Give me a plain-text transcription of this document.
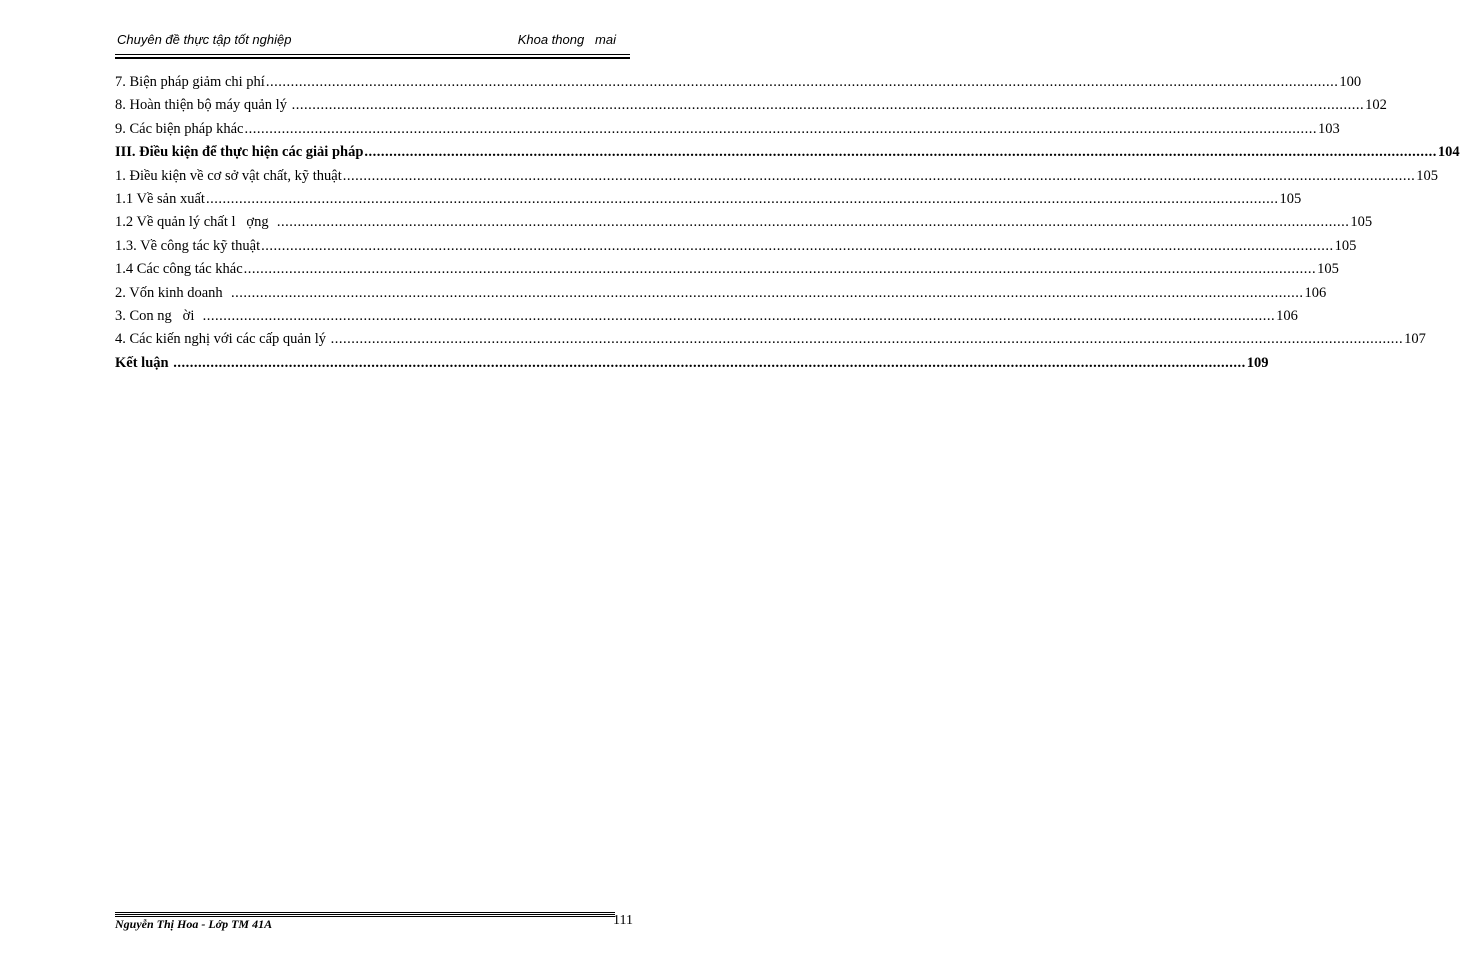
Chuyên đề thực tập tốt nghiệp	Khoa thong   mai
7. Biện pháp giảm chi phí .................................................................................................................................................................................................................................................................... 100
8. Hoàn thiện bộ máy quản lý .................................................................................................................................................................................................................................................................... 102
9. Các biện pháp khác .................................................................................................................................................................................................................................................................... 103
III. Điều kiện để thực hiện các giải pháp .................................................................................................................................................................................................................................................................... 104
1. Điều kiện về cơ sở vật chất, kỹ thuật .................................................................................................................................................................................................................................................................... 105
1.1 Về sản xuất .................................................................................................................................................................................................................................................................... 105
1.2 Về quản lý chất l   ợng .................................................................................................................................................................................................................................................................... 105
1.3. Về công tác kỹ thuật .................................................................................................................................................................................................................................................................... 105
1.4 Các công tác khác .................................................................................................................................................................................................................................................................... 105
2. Vốn kinh doanh .................................................................................................................................................................................................................................................................... 106
3. Con ng   ời .................................................................................................................................................................................................................................................................... 106
4. Các kiến nghị với các cấp quản lý .................................................................................................................................................................................................................................................................... 107
Kết luận .................................................................................................................................................................................................................................................................... 109
Nguyễn Thị Hoa - Lớp TM 41A	111
